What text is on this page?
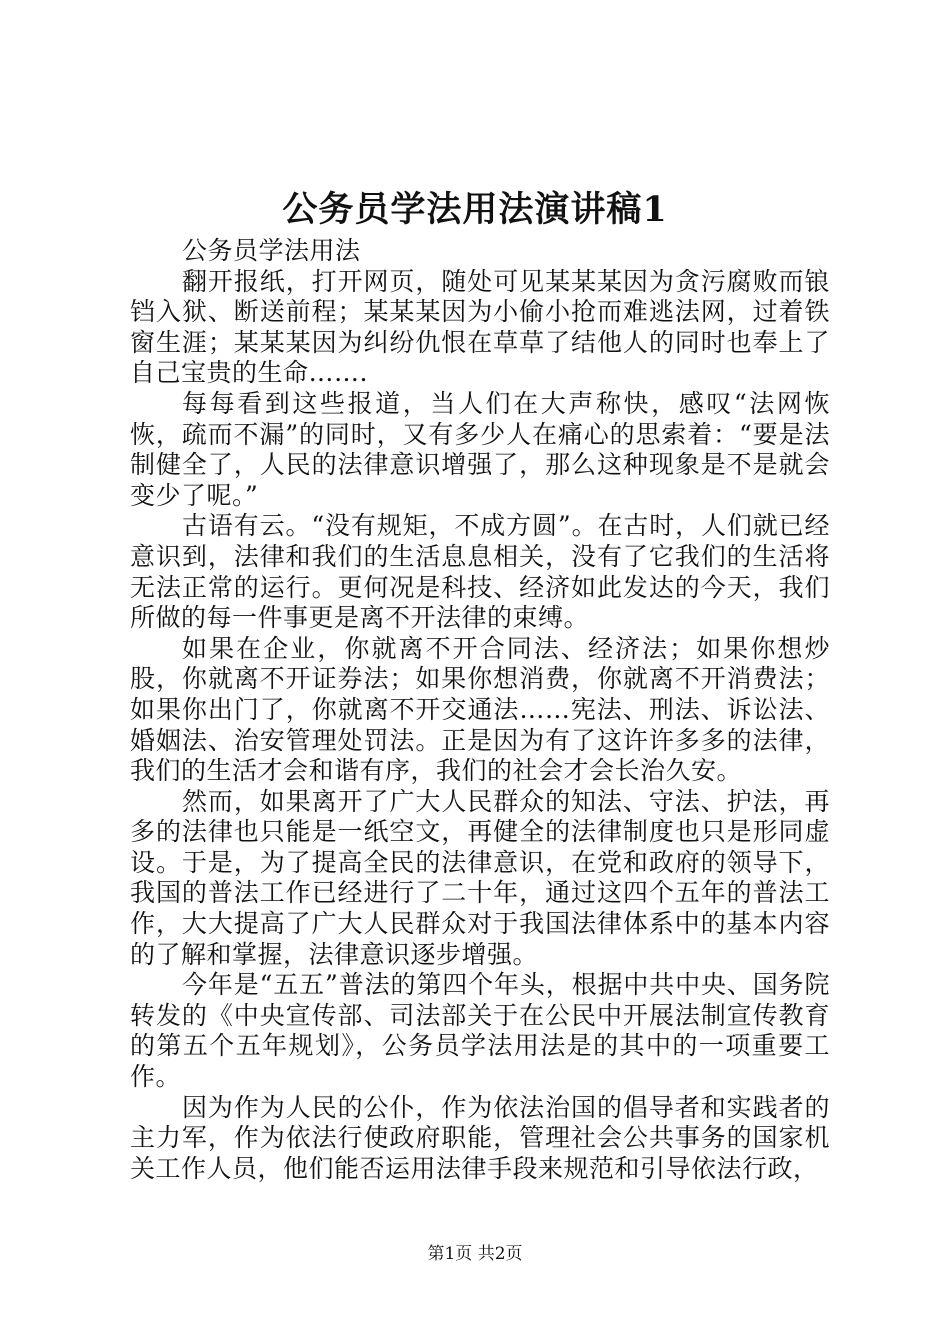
公务员学法用法演讲稿1

公务员学法用法

翻开报纸，打开网页，随处可见某某某因为贪污腐败而锒铛入狱、断送前程；某某某因为小偷小抢而难逃法网，过着铁窗生涯；某某某因为纠纷仇恨在草草了结他人的同时也奉上了自己宝贵的生命…….

每每看到这些报道，当人们在大声称快，感叹“法网恢恢，疏而不漏”的同时，又有多少人在痛心的思索着：“要是法制健全了，人民的法律意识增强了，那么这种现象是不是就会变少了呢。”

古语有云。“没有规矩，不成方圆”。在古时，人们就已经意识到，法律和我们的生活息息相关，没有了它我们的生活将无法正常的运行。更何况是科技、经济如此发达的今天，我们所做的每一件事更是离不开法律的束缚。

如果在企业，你就离不开合同法、经济法；如果你想炒股，你就离不开证券法；如果你想消费，你就离不开消费法；如果你出门了，你就离不开交通法……宪法、刑法、诉讼法、婚姻法、治安管理处罚法。正是因为有了这许许多多的法律，我们的生活才会和谐有序，我们的社会才会长治久安。

然而，如果离开了广大人民群众的知法、守法、护法，再多的法律也只能是一纸空文，再健全的法律制度也只是形同虚设。于是，为了提高全民的法律意识，在党和政府的领导下，我国的普法工作已经进行了二十年，通过这四个五年的普法工作，大大提高了广大人民群众对于我国法律体系中的基本内容的了解和掌握，法律意识逐步增强。

今年是“五五”普法的第四个年头，根据中共中央、国务院转发的《中央宣传部、司法部关于在公民中开展法制宣传教育的第五个五年规划》，公务员学法用法是的其中的一项重要工作。

因为作为人民的公仆，作为依法治国的倡导者和实践者的主力军，作为依法行使政府职能，管理社会公共事务的国家机关工作人员，他们能否运用法律手段来规范和引导依法行政，

第1页 共2页
